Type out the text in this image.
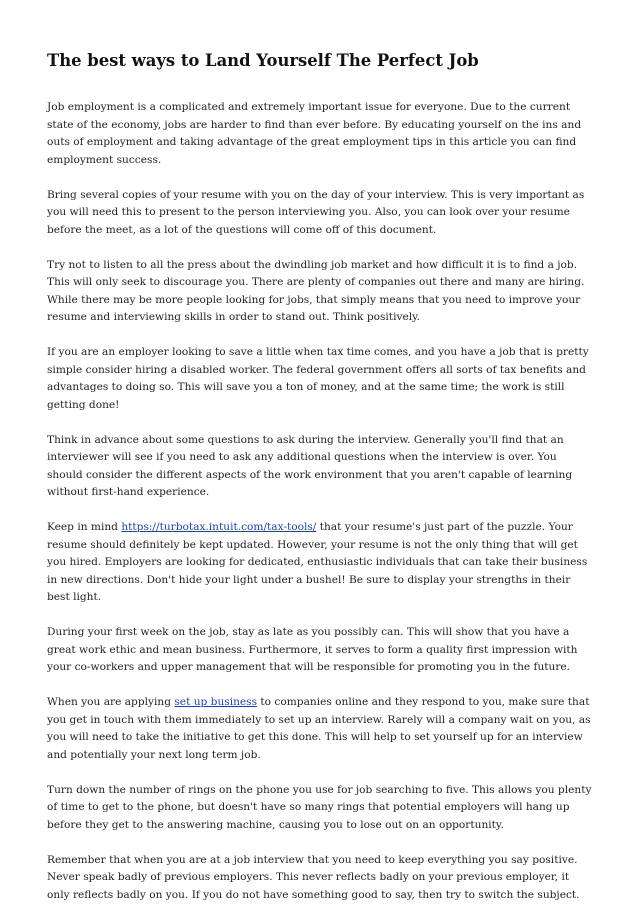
The best ways to Land Yourself The Perfect Job

Job employment is a complicated and extremely important issue for everyone. Due to the current
state of the economy, jobs are harder to find than ever before. By educating yourself on the ins and
outs of employment and taking advantage of the great employment tips in this article you can find
employment success.

Bring several copies of your resume with you on the day of your interview. This is very important as
you will need this to present to the person interviewing you. Also, you can look over your resume
before the meet, as a lot of the questions will come off of this document.

Try not to listen to all the press about the dwindling job market and how difficult it is to find a job.
This will only seek to discourage you. There are plenty of companies out there and many are hiring.
While there may be more people looking for jobs, that simply means that you need to improve your
resume and interviewing skills in order to stand out. Think positively.

If you are an employer looking to save a little when tax time comes, and you have a job that is pretty
simple consider hiring a disabled worker. The federal government offers all sorts of tax benefits and
advantages to doing so. This will save you a ton of money, and at the same time; the work is still
getting done!

Think in advance about some questions to ask during the interview. Generally you'll find that an
interviewer will see if you need to ask any additional questions when the interview is over. You
should consider the different aspects of the work environment that you aren't capable of learning
without first-hand experience.

Keep in mind https://turbotax.intuit.com/tax-tools/ that your resume's just part of the puzzle. Your
resume should definitely be kept updated. However, your resume is not the only thing that will get
you hired. Employers are looking for dedicated, enthusiastic individuals that can take their business
in new directions. Don't hide your light under a bushel! Be sure to display your strengths in their
best light.

During your first week on the job, stay as late as you possibly can. This will show that you have a
great work ethic and mean business. Furthermore, it serves to form a quality first impression with
your co-workers and upper management that will be responsible for promoting you in the future.

When you are applying set up business to companies online and they respond to you, make sure that
you get in touch with them immediately to set up an interview. Rarely will a company wait on you, as
you will need to take the initiative to get this done. This will help to set yourself up for an interview
and potentially your next long term job.

Turn down the number of rings on the phone you use for job searching to five. This allows you plenty
of time to get to the phone, but doesn't have so many rings that potential employers will hang up
before they get to the answering machine, causing you to lose out on an opportunity.

Remember that when you are at a job interview that you need to keep everything you say positive.
Never speak badly of previous employers. This never reflects badly on your previous employer, it
only reflects badly on you. If you do not have something good to say, then try to switch the subject.
